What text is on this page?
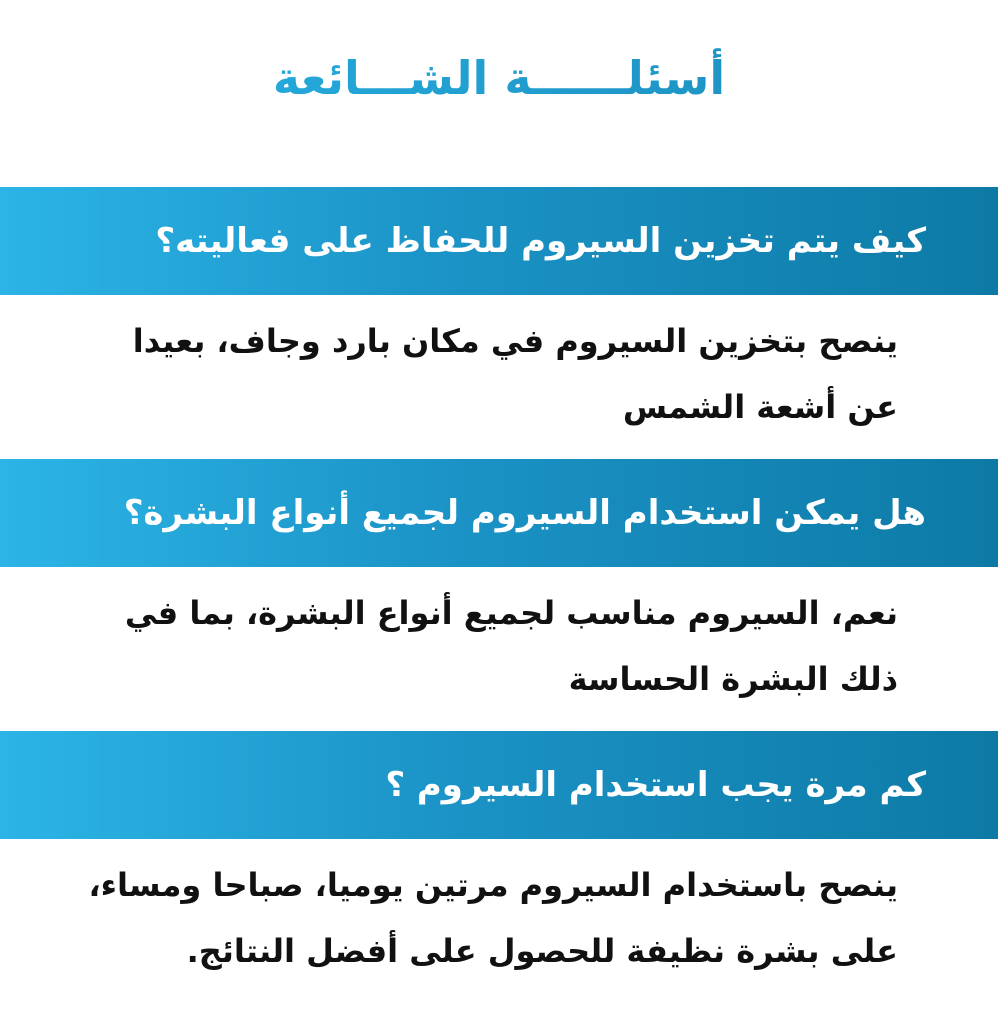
أسئلــــــة الشـــائعة
كيف يتم تخزين السيروم للحفاظ على فعاليته؟
ينصح بتخزين السيروم في مكان بارد وجاف، بعيدا
عن أشعة الشمس
هل يمكن استخدام السيروم لجميع أنواع البشرة؟
نعم، السيروم مناسب لجميع أنواع البشرة، بما في
ذلك البشرة الحساسة
كم مرة يجب استخدام السيروم ؟
ينصح باستخدام السيروم مرتين يوميا، صباحا ومساء،
على بشرة نظيفة للحصول على أفضل النتائج.
